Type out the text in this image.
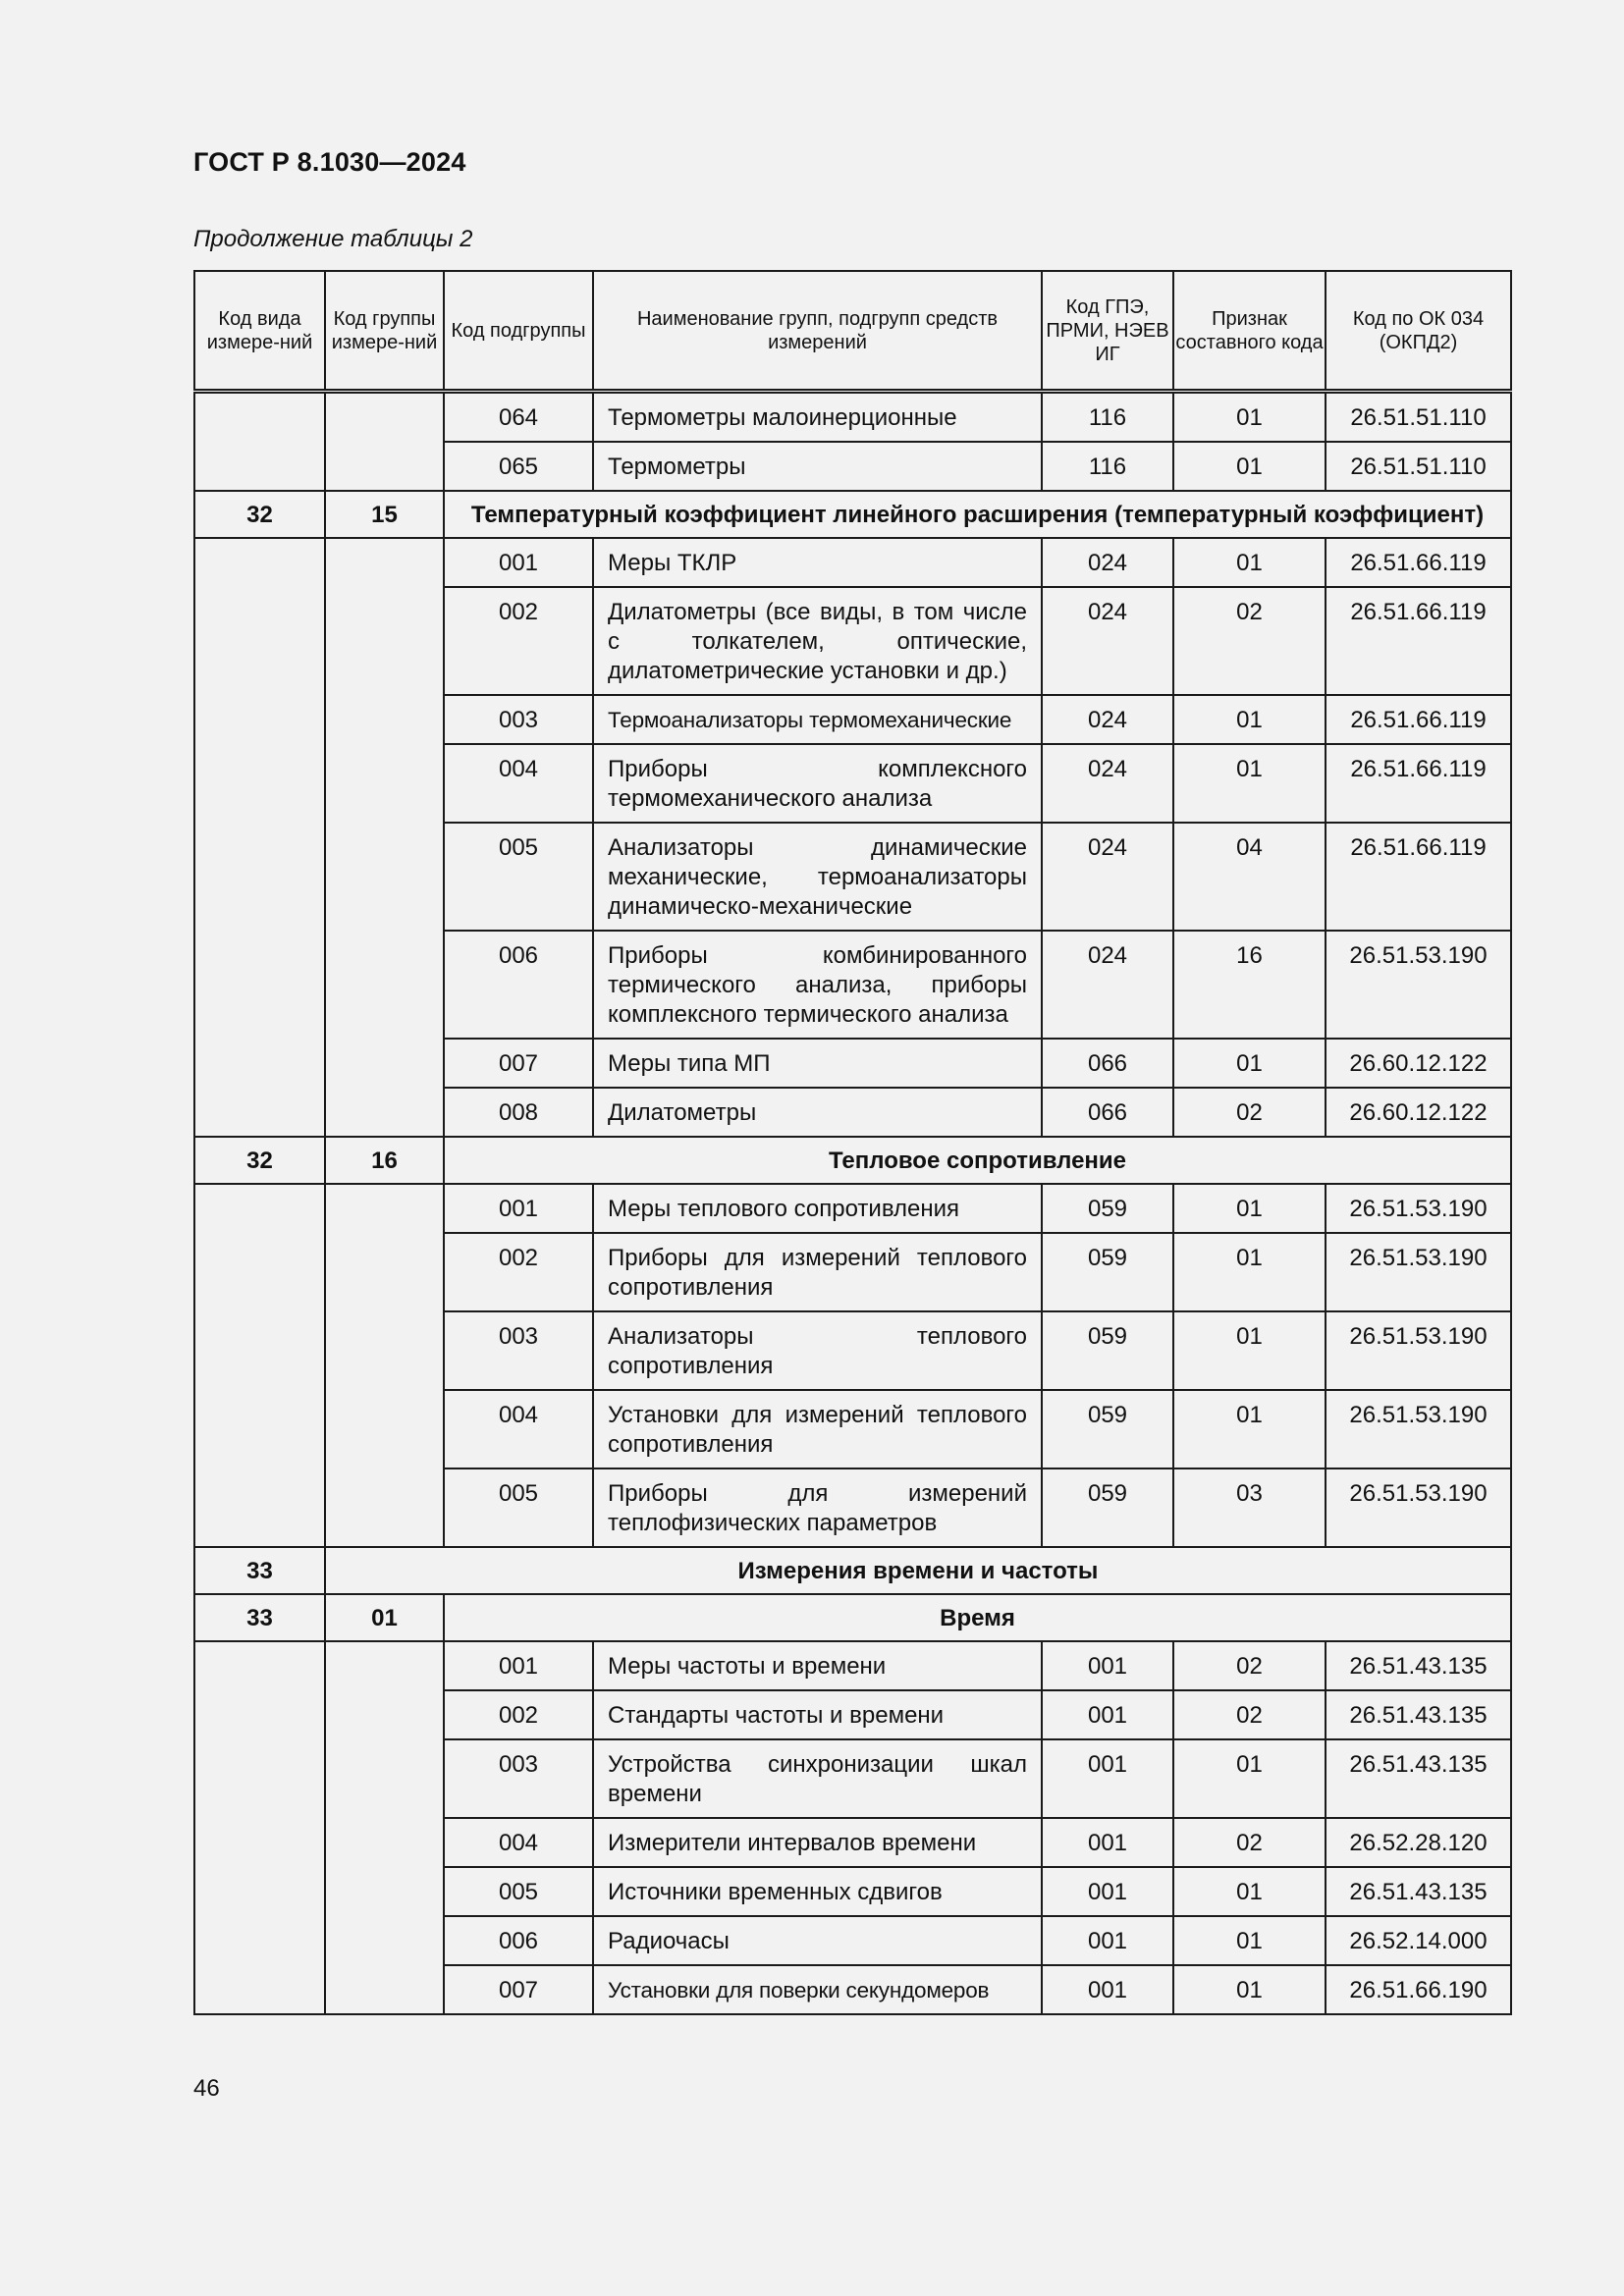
ГОСТ Р 8.1030—2024
Продолжение таблицы 2
Код вида измере-ний	Код группы измере-ний	Код подгруппы	Наименование групп, подгрупп средств измерений	Код ГПЭ, ПРМИ, НЭЕВ ИГ	Признак составного кода	Код по ОК 034 (ОКПД2)
		064	Термометры малоинерционные	116	01	26.51.51.110
		065	Термометры	116	01	26.51.51.110
32	15	Температурный коэффициент линейного расширения (температурный коэффициент)				
		001	Меры ТКЛР	024	01	26.51.66.119
		002	Дилатометры (все виды, в том числе с толкателем, оптические, дилатометрические установки и др.)	024	02	26.51.66.119
		003	Термоанализаторы термомеханические	024	01	26.51.66.119
		004	Приборы комплексного термомеханического анализа	024	01	26.51.66.119
		005	Анализаторы динамические механические, термоанализаторы динамическо-механические	024	04	26.51.66.119
		006	Приборы комбинированного термического анализа, приборы комплексного термического анализа	024	16	26.51.53.190
		007	Меры типа МП	066	01	26.60.12.122
		008	Дилатометры	066	02	26.60.12.122
32	16	Тепловое сопротивление				
		001	Меры теплового сопротивления	059	01	26.51.53.190
		002	Приборы для измерений теплового сопротивления	059	01	26.51.53.190
		003	Анализаторы теплового сопротивления	059	01	26.51.53.190
		004	Установки для измерений теплового сопротивления	059	01	26.51.53.190
		005	Приборы для измерений теплофизических параметров	059	03	26.51.53.190
33	Измерения времени и частоты					
33	01	Время				
		001	Меры частоты и времени	001	02	26.51.43.135
		002	Стандарты частоты и времени	001	02	26.51.43.135
		003	Устройства синхронизации шкал времени	001	01	26.51.43.135
		004	Измерители интервалов времени	001	02	26.52.28.120
		005	Источники временных сдвигов	001	01	26.51.43.135
		006	Радиочасы	001	01	26.52.14.000
		007	Установки для поверки секундомеров	001	01	26.51.66.190
46
